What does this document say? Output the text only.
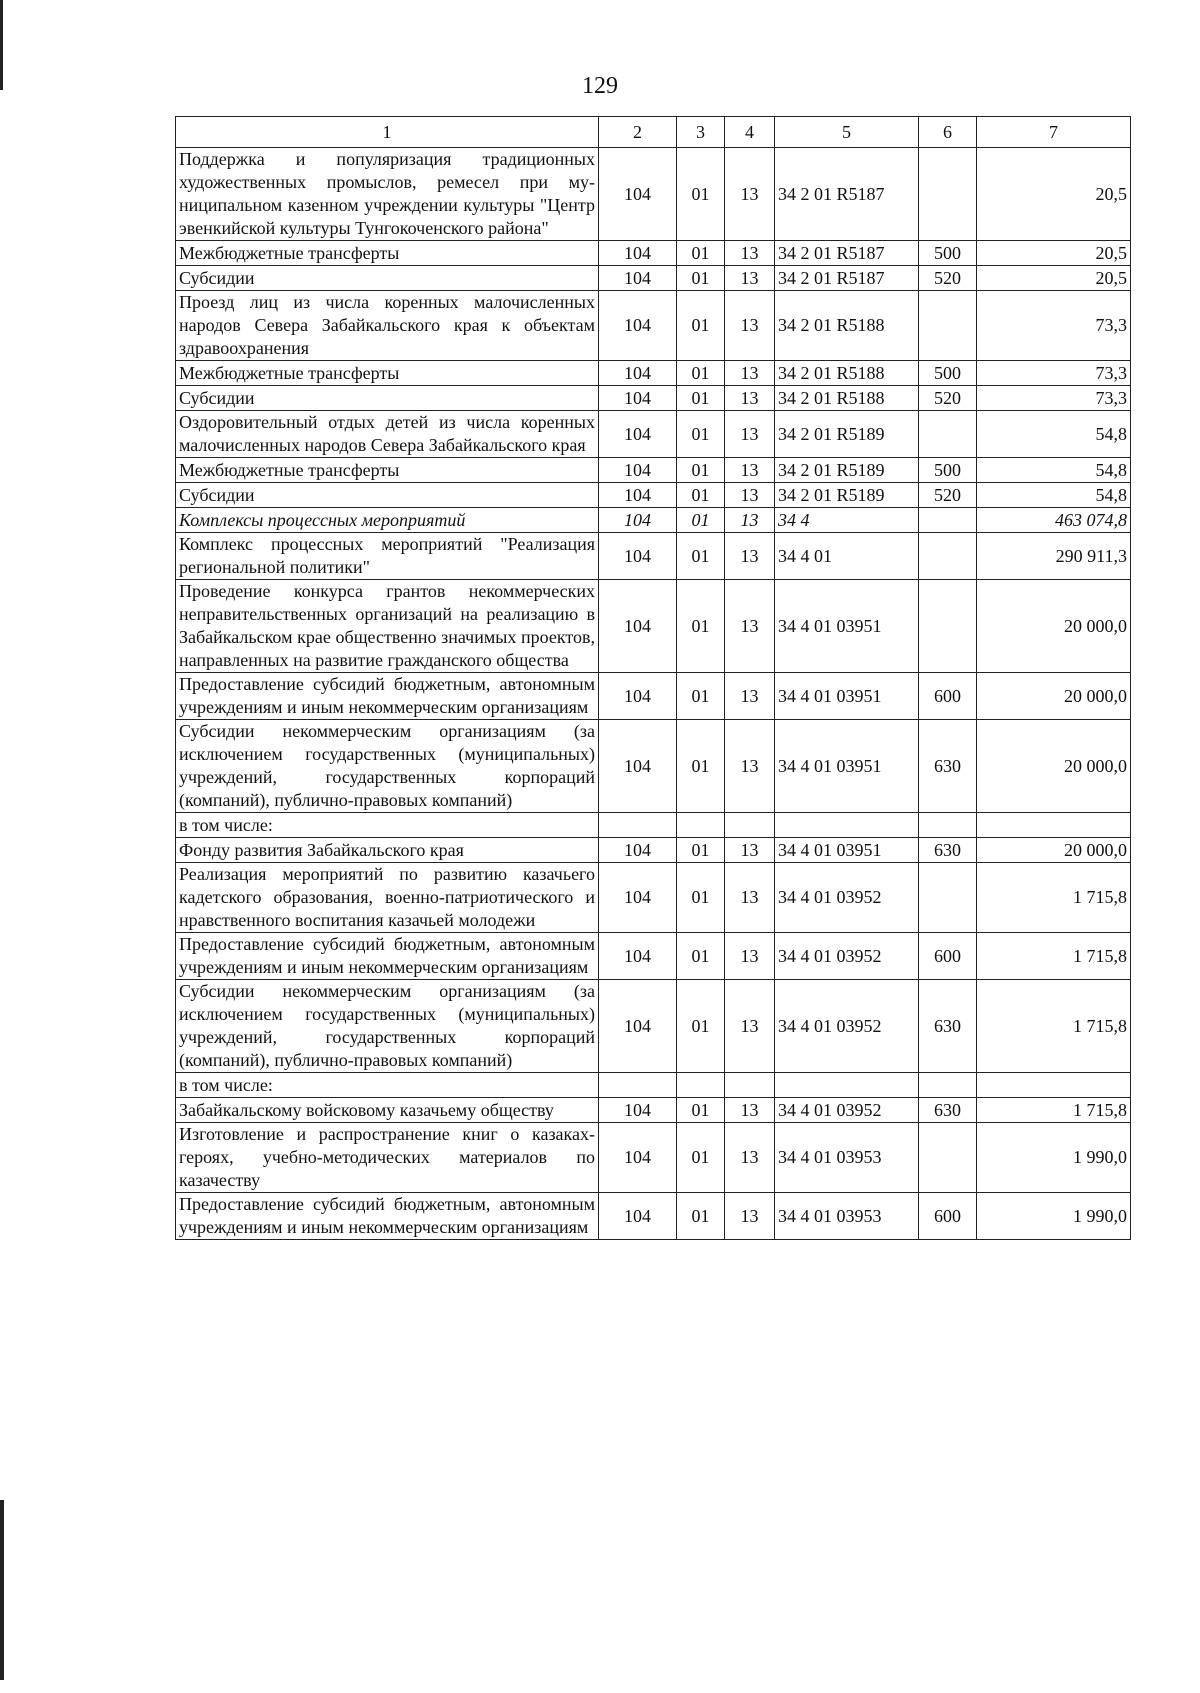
129
1	2	3	4	5	6	7
Поддержка и популяризация традиционных художественных промыслов, ремесел при муниципальном казенном учреждении культуры "Центр эвенкийской культуры Тунгокоченского района"	104	01	13	34 2 01 R5187		20,5
Межбюджетные трансферты	104	01	13	34 2 01 R5187	500	20,5
Субсидии	104	01	13	34 2 01 R5187	520	20,5
Проезд лиц из числа коренных малочисленных народов Севера Забайкальского края к объектам здравоохранения	104	01	13	34 2 01 R5188		73,3
Межбюджетные трансферты	104	01	13	34 2 01 R5188	500	73,3
Субсидии	104	01	13	34 2 01 R5188	520	73,3
Оздоровительный отдых детей из числа коренных малочисленных народов Севера Забайкальского края	104	01	13	34 2 01 R5189		54,8
Межбюджетные трансферты	104	01	13	34 2 01 R5189	500	54,8
Субсидии	104	01	13	34 2 01 R5189	520	54,8
Комплексы процессных мероприятий	104	01	13	34 4		463 074,8
Комплекс процессных мероприятий "Реализация региональной политики"	104	01	13	34 4 01		290 911,3
Проведение конкурса грантов некоммерческих неправительственных организаций на реализацию в Забайкальском крае общественно значимых проектов, направленных на развитие гражданского общества	104	01	13	34 4 01 03951		20 000,0
Предоставление субсидий бюджетным, автономным учреждениям и иным некоммерческим организациям	104	01	13	34 4 01 03951	600	20 000,0
Субсидии некоммерческим организациям (за исключением государственных (муниципальных) учреждений, государственных корпораций (компаний), публично-правовых компаний)	104	01	13	34 4 01 03951	630	20 000,0
в том числе:						
Фонду развития Забайкальского края	104	01	13	34 4 01 03951	630	20 000,0
Реализация мероприятий по развитию казачьего кадетского образования, военно-патриотического и нравственного воспитания казачьей молодежи	104	01	13	34 4 01 03952		1 715,8
Предоставление субсидий бюджетным, автономным учреждениям и иным некоммерческим организациям	104	01	13	34 4 01 03952	600	1 715,8
Субсидии некоммерческим организациям (за исключением государственных (муниципальных) учреждений, государственных корпораций (компаний), публично-правовых компаний)	104	01	13	34 4 01 03952	630	1 715,8
в том числе:						
Забайкальскому войсковому казачьему обществу	104	01	13	34 4 01 03952	630	1 715,8
Изготовление и распространение книг о казаках-героях, учебно-методических материалов по казачеству	104	01	13	34 4 01 03953		1 990,0
Предоставление субсидий бюджетным, автономным учреждениям и иным некоммерческим организациям	104	01	13	34 4 01 03953	600	1 990,0
